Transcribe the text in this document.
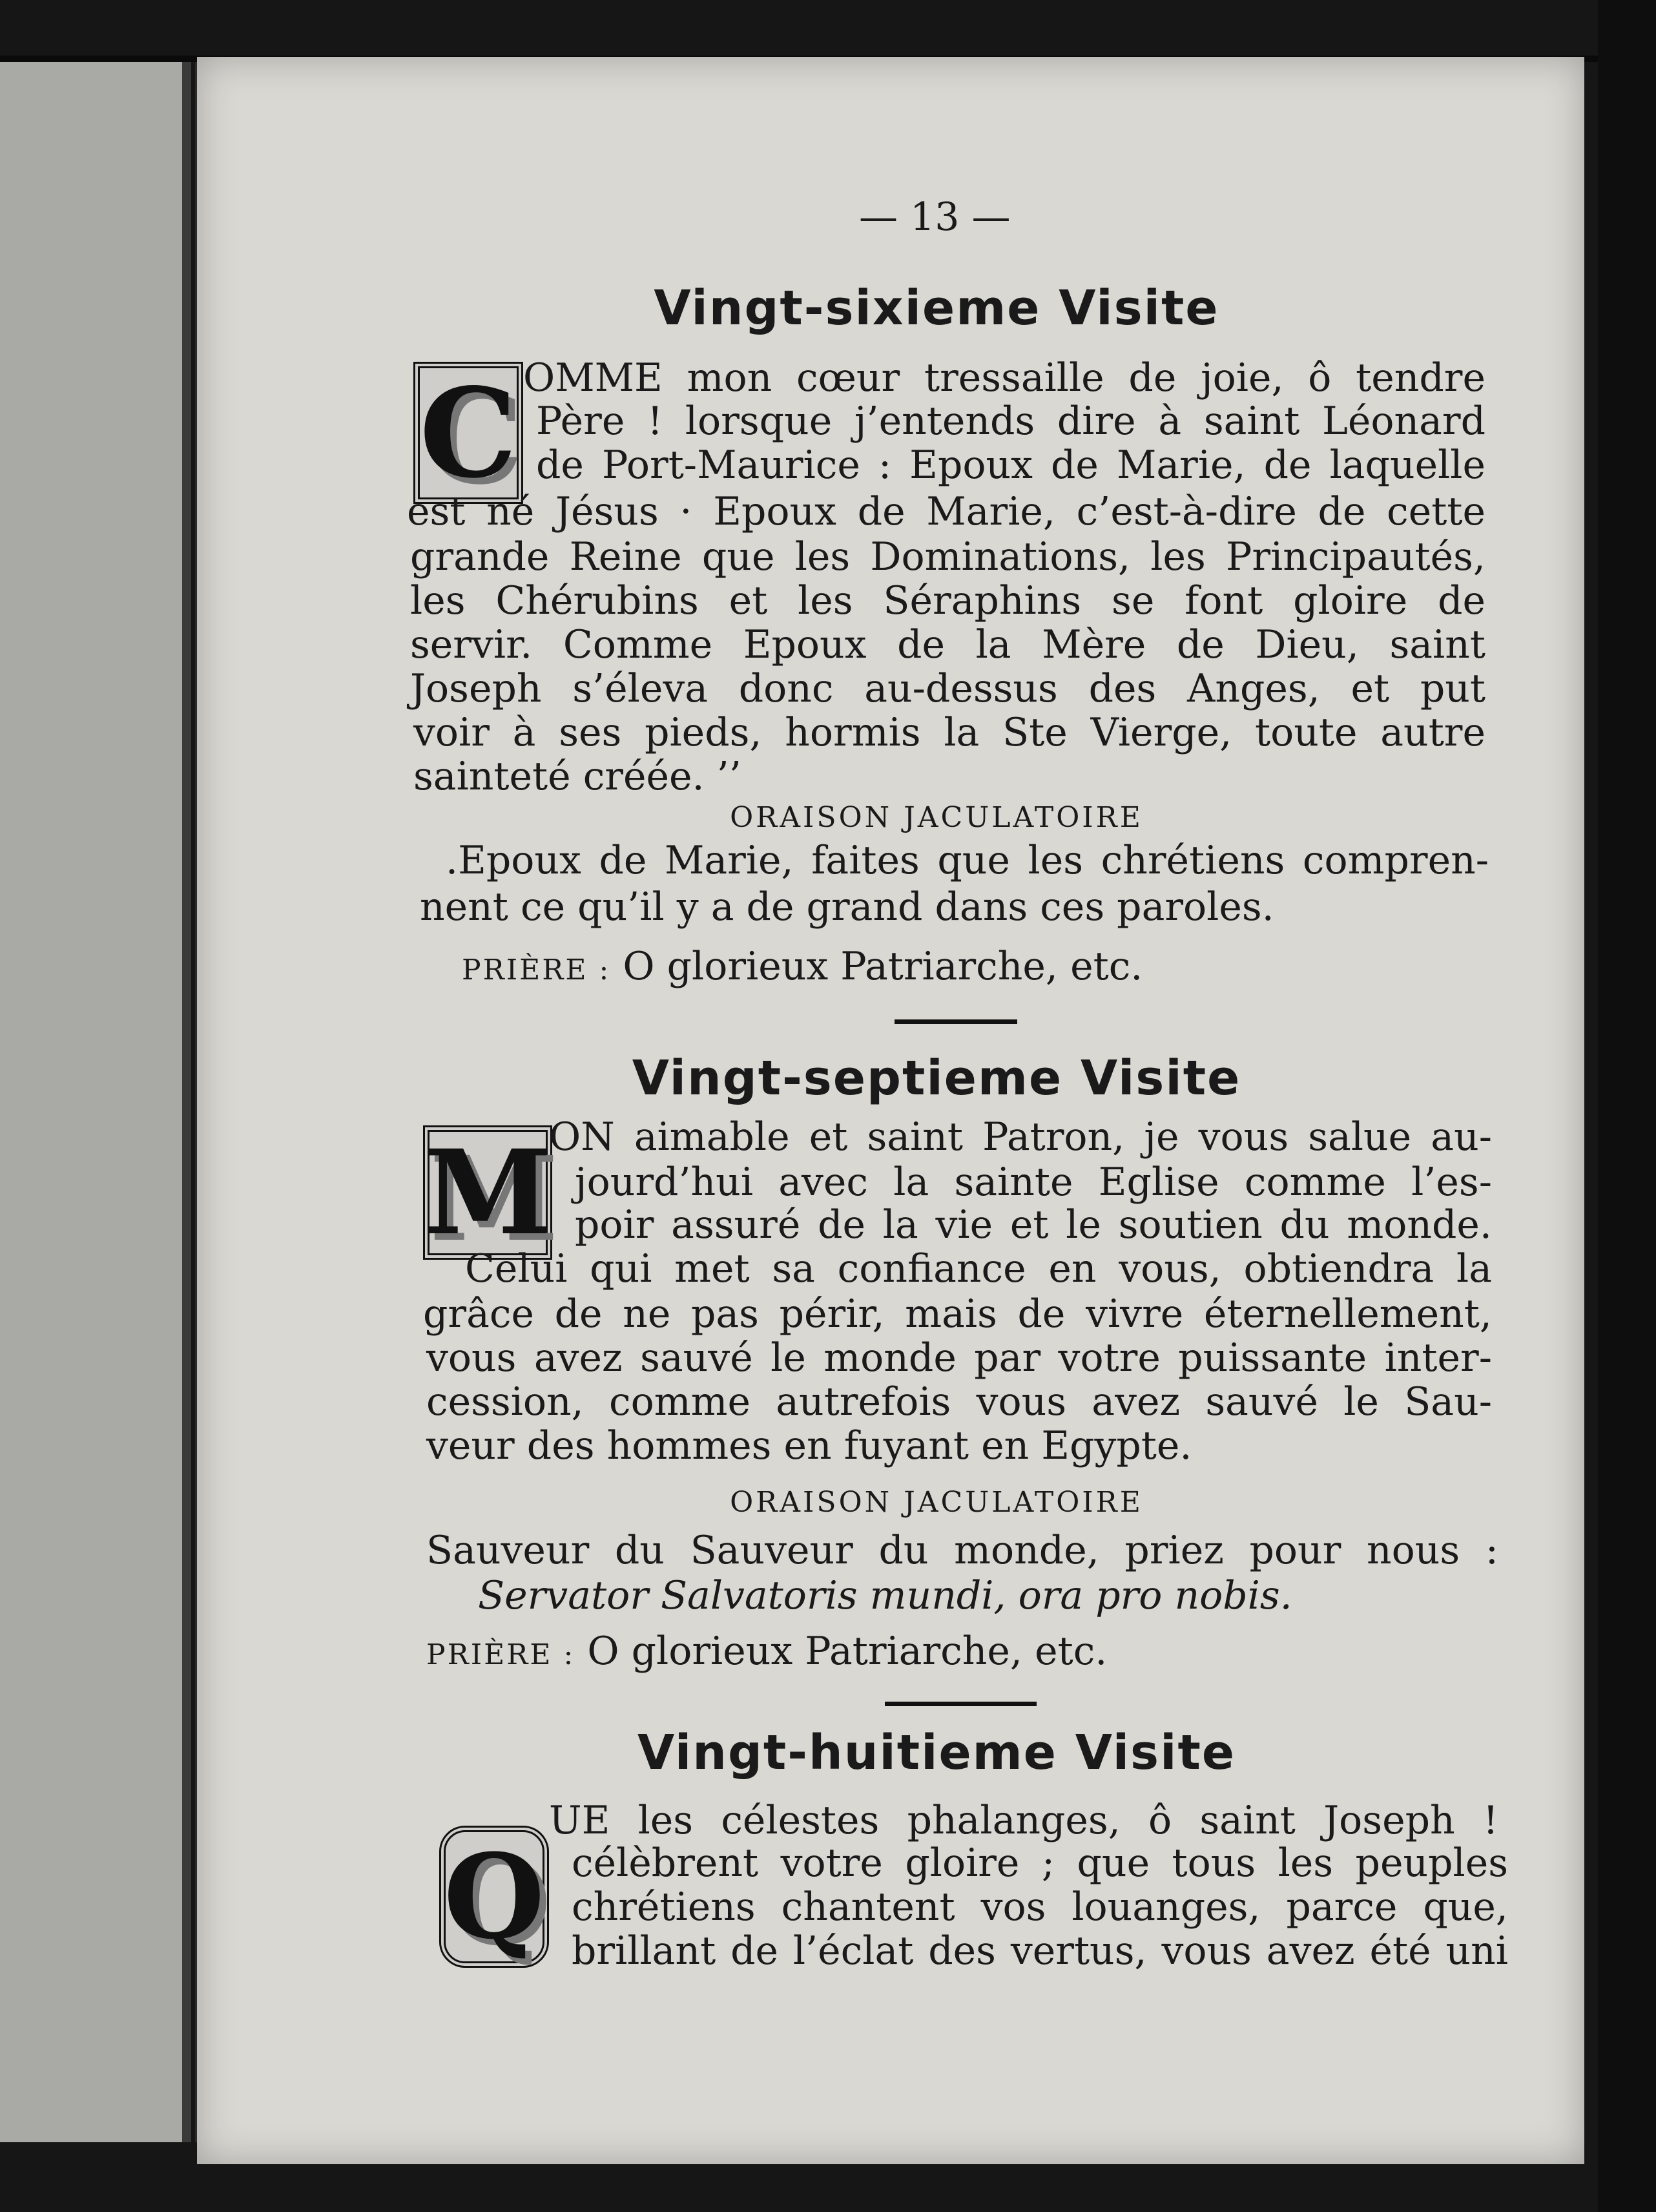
— 13 —
Vingt-sixieme Visite
C OMME mon cœur tressaille de joie, ô tendre
Père ! lorsque j’entends dire à saint Léonard
de Port-Maurice : Epoux de Marie, de laquelle
est né Jésus · Epoux de Marie, c’est-à-dire de cette
grande Reine que les Dominations, les Principautés,
les Chérubins et les Séraphins se font gloire de
servir. Comme Epoux de la Mère de Dieu, saint
Joseph s’éleva donc au-dessus des Anges, et put
voir à ses pieds, hormis la Ste Vierge, toute autre
sainteté créée. ’’
ORAISON JACULATOIRE
.Epoux de Marie, faites que les chrétiens compren-
nent ce qu’il y a de grand dans ces paroles.
PRIÈRE : O glorieux Patriarche, etc.
Vingt-septieme Visite
M
ON aimable et saint Patron, je vous salue au-
jourd’hui avec la sainte Eglise comme l’es-
poir assuré de la vie et le soutien du monde.
Celui qui met sa confiance en vous, obtiendra la
grâce de ne pas périr, mais de vivre éternellement,
vous avez sauvé le monde par votre puissante inter-
cession, comme autrefois vous avez sauvé le Sau-
veur des hommes en fuyant en Egypte.
ORAISON JACULATOIRE
Sauveur du Sauveur du monde, priez pour nous :
Servator Salvatoris mundi, ora pro nobis.
PRIÈRE : O glorieux Patriarche, etc.
Vingt-huitieme Visite
Q
UE les célestes phalanges, ô saint Joseph !
célèbrent votre gloire ; que tous les peuples
chrétiens chantent vos louanges, parce que,
brillant de l’éclat des vertus, vous avez été uni
